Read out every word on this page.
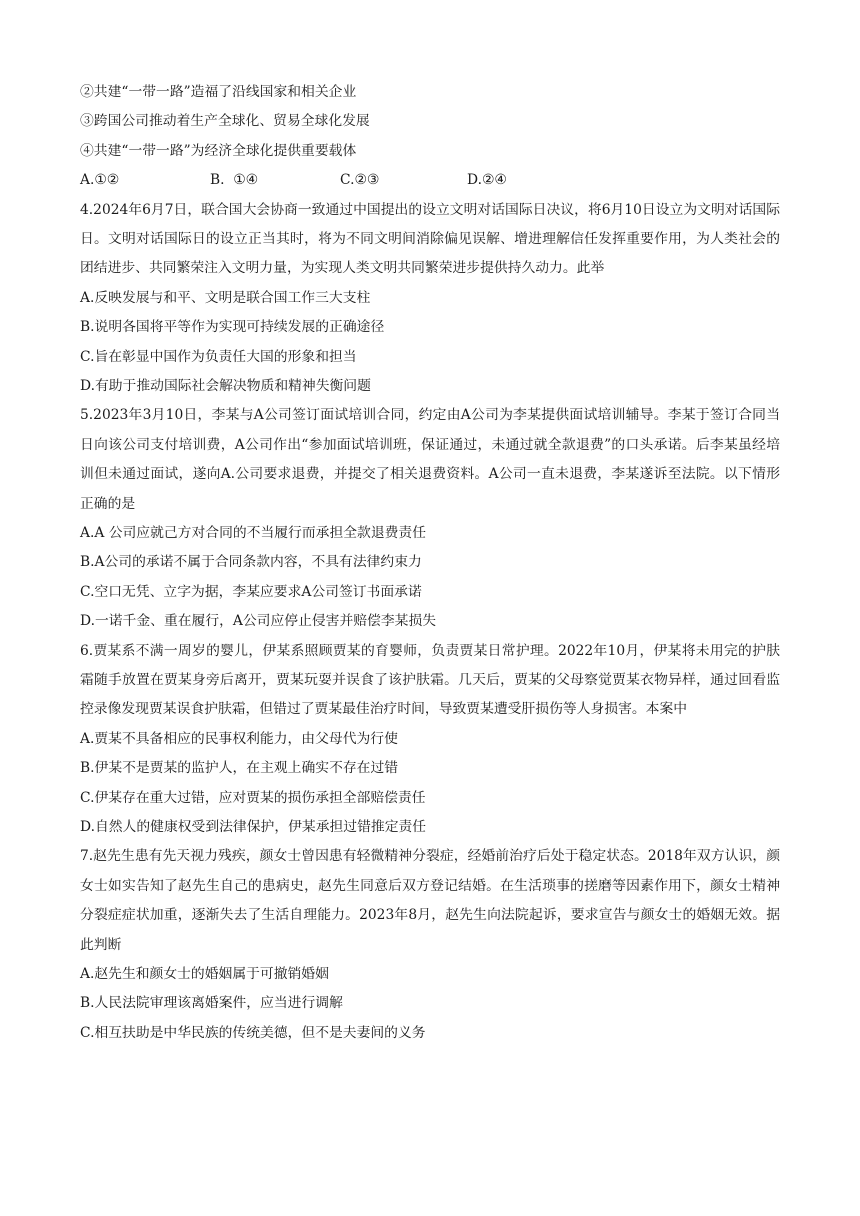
②共建“一带一路”造福了沿线国家和相关企业
③跨国公司推动着生产全球化、贸易全球化发展
④共建“一带一路”为经济全球化提供重要载体
A.①②	B.  ①④	C.②③	D.②④
4.2024年6月7日，联合国大会协商一致通过中国提出的设立文明对话国际日决议，将6月10日设立为文明对话国际日。文明对话国际日的设立正当其时，将为不同文明间消除偏见误解、增进理解信任发挥重要作用，为人类社会的团结进步、共同繁荣注入文明力量，为实现人类文明共同繁荣进步提供持久动力。此举
A.反映发展与和平、文明是联合国工作三大支柱
B.说明各国将平等作为实现可持续发展的正确途径
C.旨在彰显中国作为负责任大国的形象和担当
D.有助于推动国际社会解决物质和精神失衡问题
5.2023年3月10日，李某与A公司签订面试培训合同，约定由A公司为李某提供面试培训辅导。李某于签订合同当日向该公司支付培训费，A公司作出“参加面试培训班，保证通过，未通过就全款退费”的口头承诺。后李某虽经培训但未通过面试，遂向A.公司要求退费，并提交了相关退费资料。A公司一直未退费，李某遂诉至法院。以下情形正确的是
A.A 公司应就己方对合同的不当履行而承担全款退费责任
B.A公司的承诺不属于合同条款内容，不具有法律约束力
C.空口无凭、立字为据，李某应要求A公司签订书面承诺
D.一诺千金、重在履行，A公司应停止侵害并赔偿李某损失
6.贾某系不满一周岁的婴儿，伊某系照顾贾某的育婴师，负责贾某日常护理。2022年10月，伊某将未用完的护肤霜随手放置在贾某身旁后离开，贾某玩耍并误食了该护肤霜。几天后，贾某的父母察觉贾某衣物异样，通过回看监控录像发现贾某误食护肤霜，但错过了贾某最佳治疗时间，导致贾某遭受肝损伤等人身损害。本案中
A.贾某不具备相应的民事权利能力，由父母代为行使
B.伊某不是贾某的监护人，在主观上确实不存在过错
C.伊某存在重大过错，应对贾某的损伤承担全部赔偿责任
D.自然人的健康权受到法律保护，伊某承担过错推定责任
7.赵先生患有先天视力残疾，颜女士曾因患有轻微精神分裂症，经婚前治疗后处于稳定状态。2018年双方认识，颜女士如实告知了赵先生自己的患病史，赵先生同意后双方登记结婚。在生活琐事的搓磨等因素作用下，颜女士精神分裂症症状加重，逐渐失去了生活自理能力。2023年8月，赵先生向法院起诉，要求宣告与颜女士的婚姻无效。据此判断
A.赵先生和颜女士的婚姻属于可撤销婚姻
B.人民法院审理该离婚案件，应当进行调解
C.相互扶助是中华民族的传统美德，但不是夫妻间的义务
